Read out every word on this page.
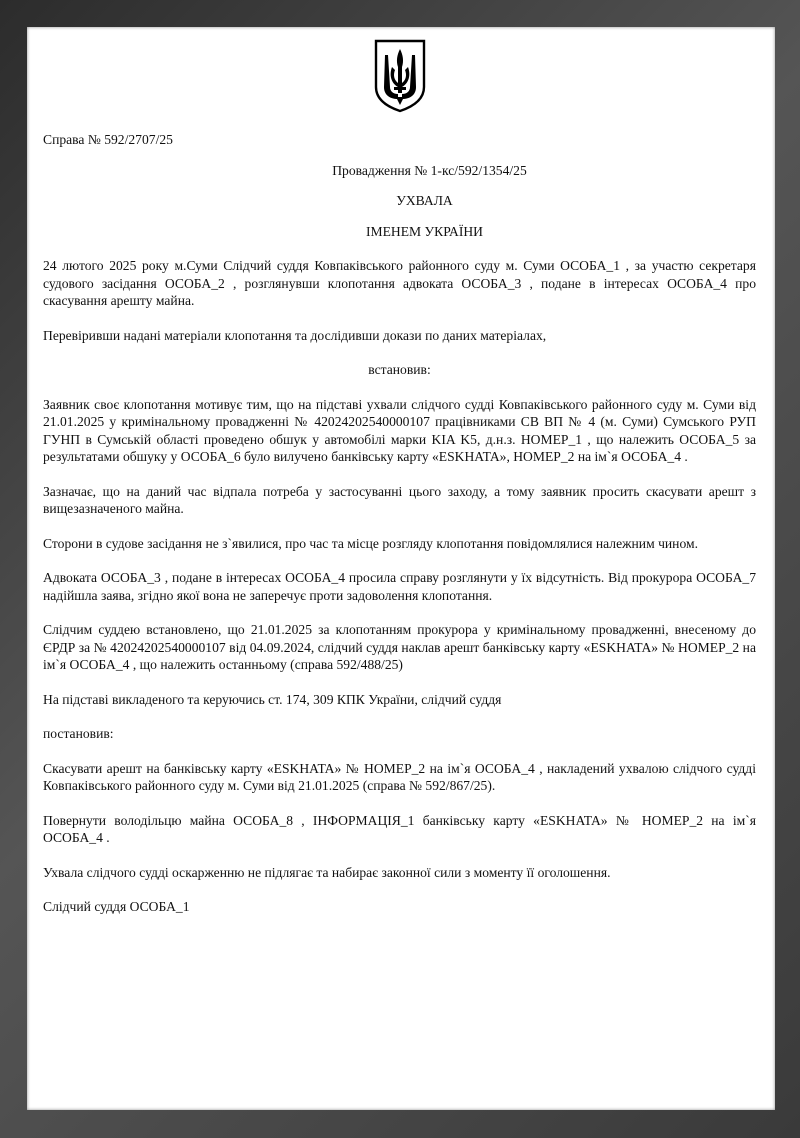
Справа № 592/2707/25

Провадження № 1-кс/592/1354/25

УХВАЛА

ІМЕНЕМ УКРАЇНИ

24 лютого 2025 року м.Суми Слідчий суддя Ковпаківського районного суду м. Суми ОСОБА_1 , за участю секретаря судового засідання ОСОБА_2 , розглянувши клопотання адвоката ОСОБА_3 , подане в інтересах ОСОБА_4 про скасування арешту майна.

Перевіривши надані матеріали клопотання та дослідивши докази по даних матеріалах,

встановив:

Заявник своє клопотання мотивує тим, що на підставі ухвали слідчого судді Ковпаківського районного суду м. Суми від 21.01.2025 у кримінальному провадженні № 42024202540000107 працівниками СВ ВП № 4 (м. Суми) Сумського РУП ГУНП в Сумській області проведено обшук у автомобілі марки KIA K5, д.н.з. НОМЕР_1 , що належить ОСОБА_5 за результатами обшуку у ОСОБА_6 було вилучено банківську карту «ESKHATA», НОМЕР_2 на ім`я ОСОБА_4 .

Зазначає, що на даний час відпала потреба у застосуванні цього заходу, а тому заявник просить скасувати арешт з вищезазначеного майна.

Сторони в судове засідання не з`явилися, про час та місце розгляду клопотання повідомлялися належним чином.

Адвоката ОСОБА_3 , подане в інтересах ОСОБА_4 просила справу розглянути у їх відсутність. Від прокурора ОСОБА_7 надійшла заява, згідно якої вона не заперечує проти задоволення клопотання.

Слідчим суддею встановлено, що 21.01.2025 за клопотанням прокурора у кримінальному провадженні, внесеному до ЄРДР за № 42024202540000107 від 04.09.2024, слідчий суддя наклав арешт банківську карту «ESKHATA» № НОМЕР_2 на ім`я ОСОБА_4 , що належить останньому (справа 592/488/25)

На підставі викладеного та керуючись ст. 174, 309 КПК України, слідчий суддя

постановив:

Скасувати арешт на банківську карту «ESKHATA» № НОМЕР_2 на ім`я ОСОБА_4 , накладений ухвалою слідчого судді Ковпаківського районного суду м. Суми від 21.01.2025 (справа № 592/867/25).

Повернути володільцю майна ОСОБА_8 , ІНФОРМАЦІЯ_1 банківську карту «ESKHATA» № НОМЕР_2 на ім`я ОСОБА_4 .

Ухвала слідчого судді оскарженню не підлягає та набирає законної сили з моменту її оголошення.

Слідчий суддя ОСОБА_1
